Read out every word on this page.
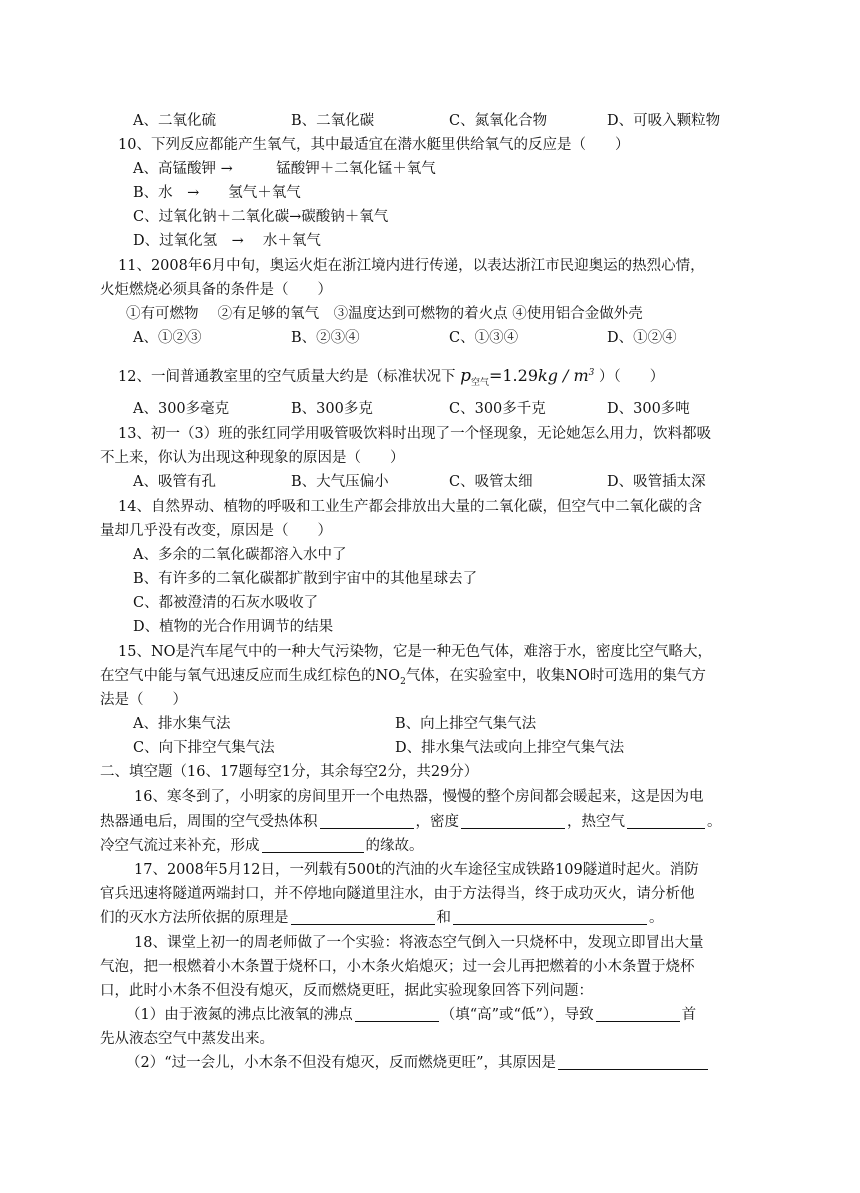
A、二氧化硫	B、二氧化碳	C、氮氧化合物	D、可吸入颗粒物
10、下列反应都能产生氧气，其中最适宜在潜水艇里供给氧气的反应是（　　）
A、高锰酸钾 →　　　锰酸钾＋二氧化锰＋氧气
B、水　→　　氢气＋氧气
C、过氧化钠＋二氧化碳→碳酸钠＋氧气
D、过氧化氢　→　 水＋氧气
11、2008年6月中旬，奥运火炬在浙江境内进行传递，以表达浙江市民迎奥运的热烈心情，
火炬燃烧必须具备的条件是（　　）
①有可燃物　 ②有足够的氧气　③温度达到可燃物的着火点 ④使用铝合金做外壳
A、①②③	B、②③④	C、①③④	D、①②④
12、一间普通教室里的空气质量大约是（标准状况下 $p_{空气}=1.29kg / m^3$ ）（　　）
A、300多毫克	B、300多克	C、300多千克	D、300多吨
13、初一（3）班的张红同学用吸管吸饮料时出现了一个怪现象，无论她怎么用力，饮料都吸
不上来，你认为出现这种现象的原因是（　　）
A、吸管有孔	B、大气压偏小	C、吸管太细	D、吸管插太深
14、自然界动、植物的呼吸和工业生产都会排放出大量的二氧化碳，但空气中二氧化碳的含
量却几乎没有改变，原因是（　　）
A、多余的二氧化碳都溶入水中了
B、有许多的二氧化碳都扩散到宇宙中的其他星球去了
C、都被澄清的石灰水吸收了
D、植物的光合作用调节的结果
15、NO是汽车尾气中的一种大气污染物，它是一种无色气体，难溶于水，密度比空气略大，
在空气中能与氧气迅速反应而生成红棕色的$NO_2$气体，在实验室中，收集NO时可选用的集气方
法是（　　）
A、排水集气法	B、向上排空气集气法
C、向下排空气集气法	D、排水集气法或向上排空气集气法
二、填空题（16、17题每空1分，其余每空2分，共29分）
16、寒冬到了，小明家的房间里开一个电热器，慢慢的整个房间都会暖起来，这是因为电
热器通电后，周围的空气受热体积	，密度	，热空气	。
冷空气流过来补充，形成	的缘故。
17、2008年5月12日，一列载有500t的汽油的火车途径宝成铁路109隧道时起火。消防
官兵迅速将隧道两端封口，并不停地向隧道里注水，由于方法得当，终于成功灭火，请分析他
们的灭水方法所依据的原理是	和	。
18、课堂上初一的周老师做了一个实验：将液态空气倒入一只烧杯中，发现立即冒出大量
气泡，把一根燃着小木条置于烧杯口，小木条火焰熄灭；过一会儿再把燃着的小木条置于烧杯
口，此时小木条不但没有熄灭，反而燃烧更旺，据此实验现象回答下列问题：
（1）由于液氮的沸点比液氧的沸点	（填“高”或“低”），导致	首
先从液态空气中蒸发出来。
（2）“过一会儿，小木条不但没有熄灭，反而燃烧更旺”，其原因是
